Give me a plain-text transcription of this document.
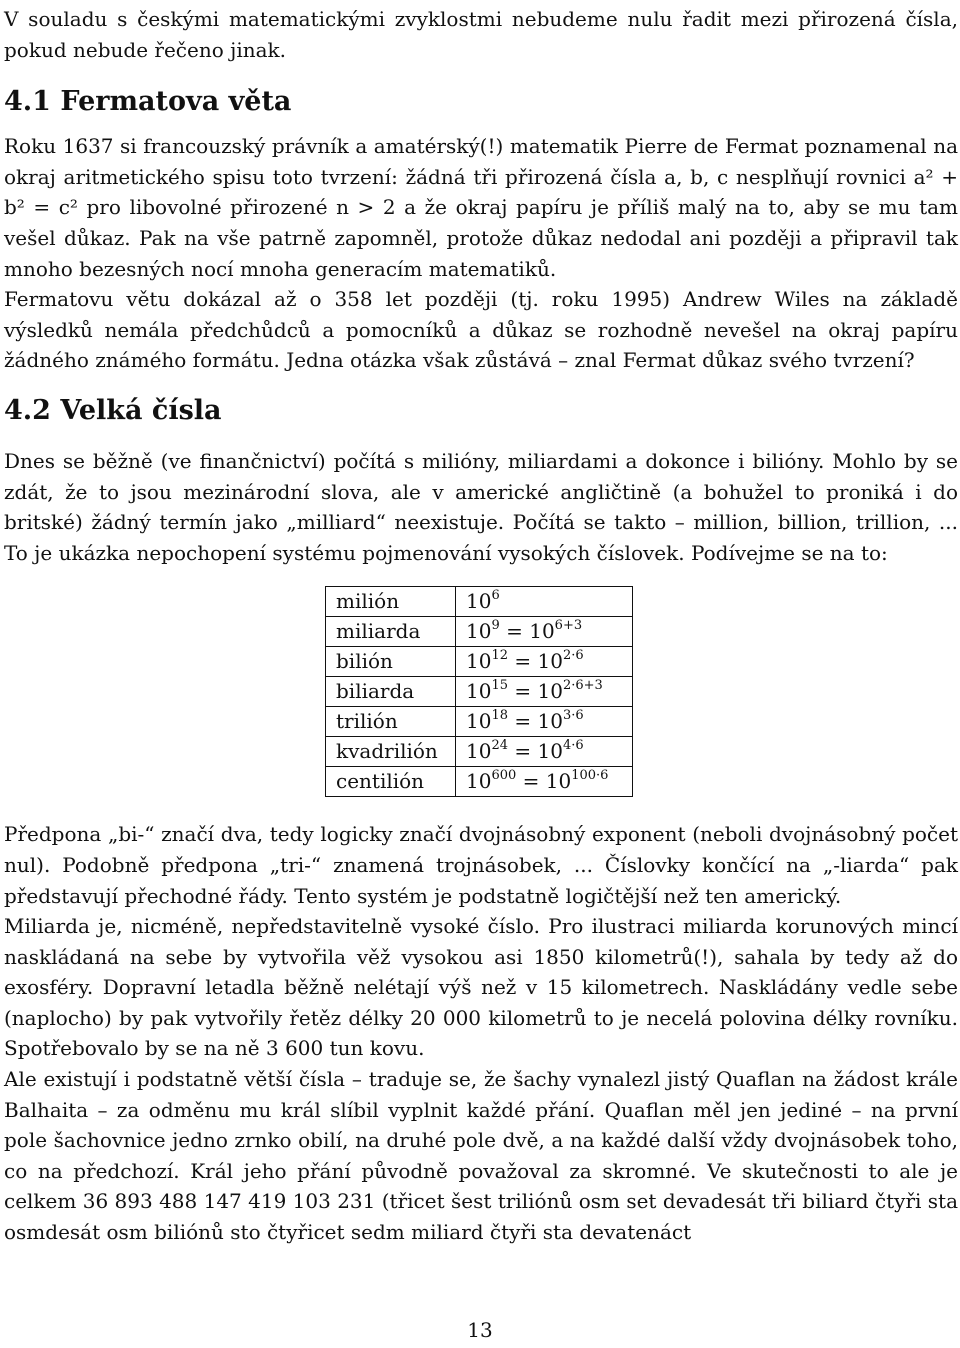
V souladu s českými matematickými zvyklostmi nebudeme nulu řadit mezi přirozená čísla, pokud nebude řečeno jinak.

4.1 Fermatova věta

Roku 1637 si francouzský právník a amatérský(!) matematik Pierre de Fermat poznamenal na okraj aritmetického spisu toto tvrzení: žádná tři přirozená čísla a, b, c nesplňují rovnici a² + b² = c² pro libovolné přirozené n > 2 a že okraj papíru je příliš malý na to, aby se mu tam vešel důkaz. Pak na vše patrně zapomněl, protože důkaz nedodal ani později a připravil tak mnoho bezesných nocí mnoha generacím matematiků.

Fermatovu větu dokázal až o 358 let později (tj. roku 1995) Andrew Wiles na základě výsledků nemála předchůdců a pomocníků a důkaz se rozhodně nevešel na okraj papíru žádného známého formátu. Jedna otázka však zůstává – znal Fermat důkaz svého tvrzení?

4.2 Velká čísla

Dnes se běžně (ve finančnictví) počítá s milióny, miliardami a dokonce i bilióny. Mohlo by se zdát, že to jsou mezinárodní slova, ale v americké angličtině (a bohužel to proniká i do britské) žádný termín jako „milliard“ neexistuje. Počítá se takto – million, billion, trillion, ... To je ukázka nepochopení systému pojmenování vysokých číslovek. Podívejme se na to:

milión	$10^6$
miliarda	$10^9 = 10^{6+3}$
bilión	$10^{12} = 10^{2\cdot 6}$
biliarda	$10^{15} = 10^{2\cdot 6+3}$
trilión	$10^{18} = 10^{3\cdot 6}$
kvadrilión	$10^{24} = 10^{4\cdot 6}$
centilión	$10^{600} = 10^{100\cdot 6}$

Předpona „bi-“ značí dva, tedy logicky značí dvojnásobný exponent (neboli dvojnásobný počet nul). Podobně předpona „tri-“ znamená trojnásobek, ... Číslovky končící na „-liarda“ pak představují přechodné řády. Tento systém je podstatně logičtější než ten americký.

Miliarda je, nicméně, nepředstavitelně vysoké číslo. Pro ilustraci miliarda korunových mincí naskládaná na sebe by vytvořila věž vysokou asi 1850 kilometrů(!), sahala by tedy až do exosféry. Dopravní letadla běžně nelétají výš než v 15 kilometrech. Naskládány vedle sebe (naplocho) by pak vytvořily řetěz délky 20 000 kilometrů to je necelá polovina délky rovníku. Spotřebovalo by se na ně 3 600 tun kovu.

Ale existují i podstatně větší čísla – traduje se, že šachy vynalezl jistý Quaflan na žádost krále Balhaita – za odměnu mu král slíbil vyplnit každé přání. Quaflan měl jen jediné – na první pole šachovnice jedno zrnko obilí, na druhé pole dvě, a na každé další vždy dvojnásobek toho, co na předchozí. Král jeho přání původně považoval za skromné. Ve skutečnosti to ale je celkem 36 893 488 147 419 103 231 (třicet šest triliónů osm set devadesát tři biliard čtyři sta osmdesát osm biliónů sto čtyřicet sedm miliard čtyři sta devatenáct

13
